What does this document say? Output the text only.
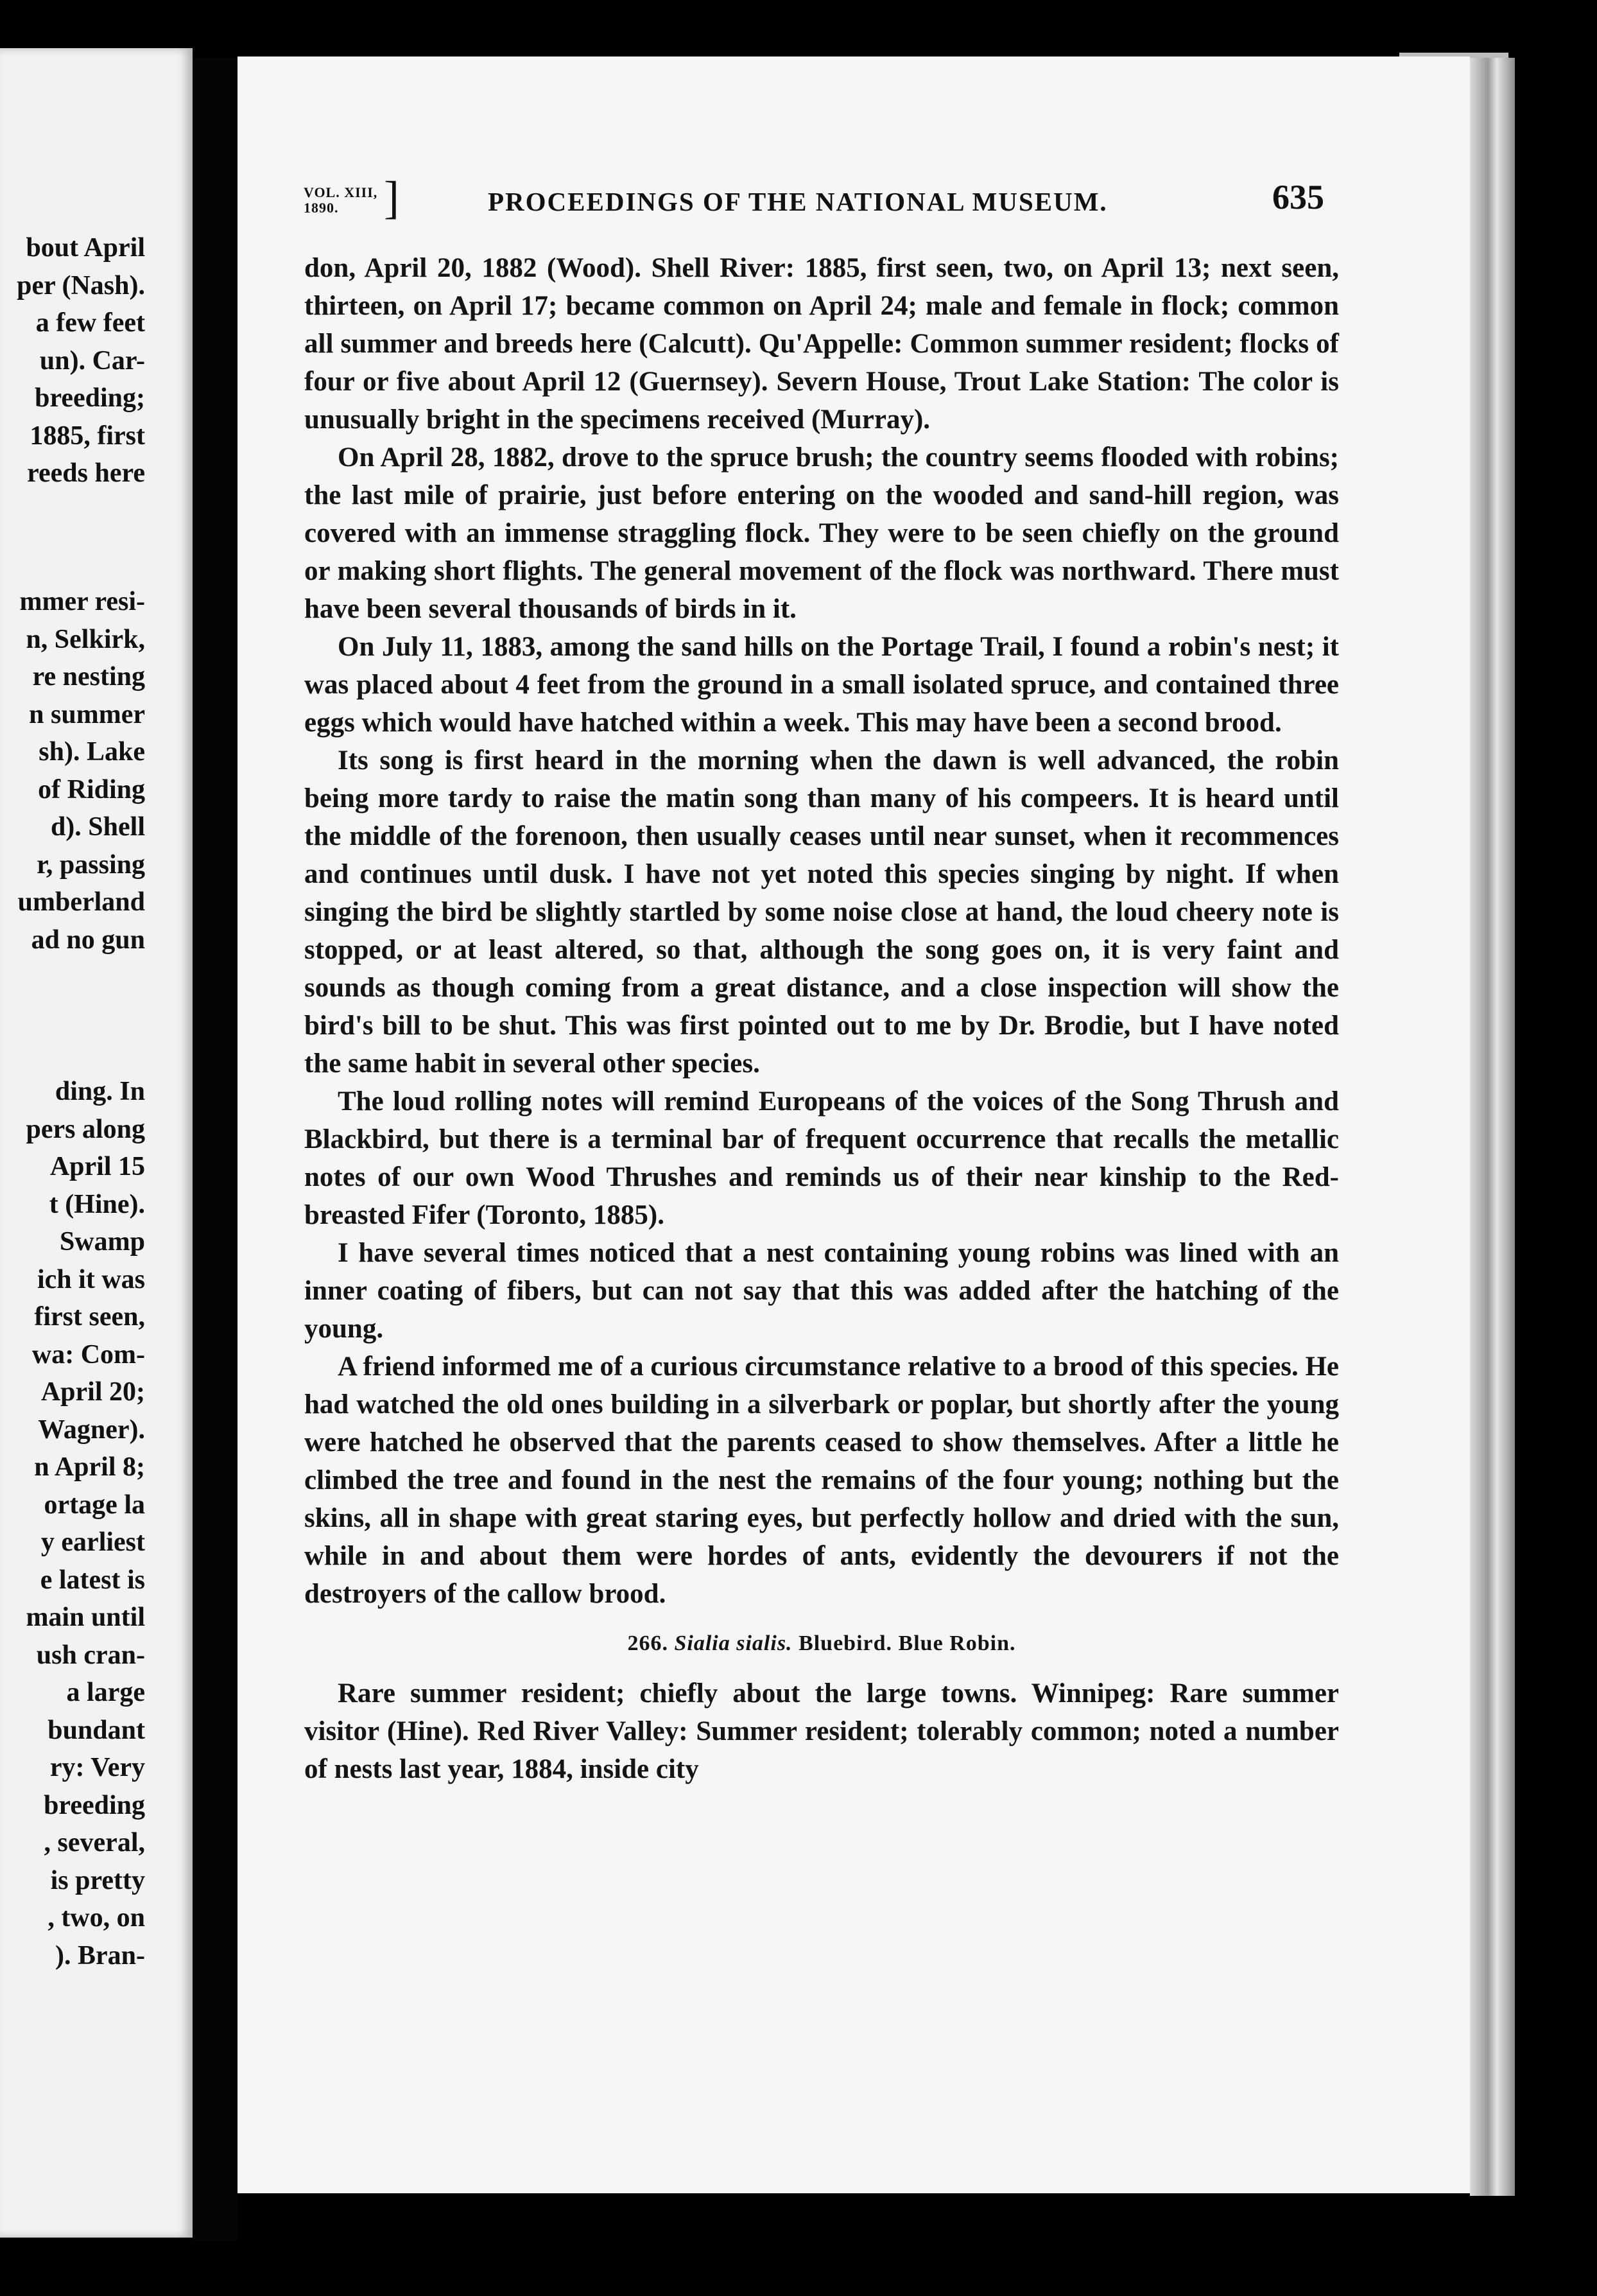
bout April

per (Nash).

a few feet

un). Car-

breeding;

1885, first

reeds here

mmer resi-

n, Selkirk,

re nesting

n summer

sh). Lake

of Riding

d). Shell

r, passing

umberland

ad no gun

ding. In

pers along

April 15

t (Hine).

Swamp

ich it was

first seen,

wa: Com-

April 20;

Wagner).

n April 8;

ortage la

y earliest

e latest is

main until

ush cran-

a large

bundant

ry: Very

breeding

, several,

is pretty

, two, on

). Bran-

VOL. XIII,
1890. ]	PROCEEDINGS OF THE NATIONAL MUSEUM.	635

don, April 20, 1882 (Wood). Shell River: 1885, first seen, two, on April 13; next seen, thirteen, on April 17; became common on April 24; male and female in flock; common all summer and breeds here (Calcutt). Qu'Appelle: Common summer resident; flocks of four or five about April 12 (Guernsey). Severn House, Trout Lake Station: The color is unusually bright in the specimens received (Murray).

On April 28, 1882, drove to the spruce brush; the country seems flooded with robins; the last mile of prairie, just before entering on the wooded and sand-hill region, was covered with an immense straggling flock. They were to be seen chiefly on the ground or making short flights. The general movement of the flock was northward. There must have been several thousands of birds in it.

On July 11, 1883, among the sand hills on the Portage Trail, I found a robin's nest; it was placed about 4 feet from the ground in a small isolated spruce, and contained three eggs which would have hatched within a week. This may have been a second brood.

Its song is first heard in the morning when the dawn is well advanced, the robin being more tardy to raise the matin song than many of his compeers. It is heard until the middle of the forenoon, then usually ceases until near sunset, when it recommences and continues until dusk. I have not yet noted this species singing by night. If when singing the bird be slightly startled by some noise close at hand, the loud cheery note is stopped, or at least altered, so that, although the song goes on, it is very faint and sounds as though coming from a great distance, and a close inspection will show the bird's bill to be shut. This was first pointed out to me by Dr. Brodie, but I have noted the same habit in several other species.

The loud rolling notes will remind Europeans of the voices of the Song Thrush and Blackbird, but there is a terminal bar of frequent occurrence that recalls the metallic notes of our own Wood Thrushes and reminds us of their near kinship to the Red-breasted Fifer (Toronto, 1885).

I have several times noticed that a nest containing young robins was lined with an inner coating of fibers, but can not say that this was added after the hatching of the young.

A friend informed me of a curious circumstance relative to a brood of this species. He had watched the old ones building in a silverbark or poplar, but shortly after the young were hatched he observed that the parents ceased to show themselves. After a little he climbed the tree and found in the nest the remains of the four young; nothing but the skins, all in shape with great staring eyes, but perfectly hollow and dried with the sun, while in and about them were hordes of ants, evidently the devourers if not the destroyers of the callow brood.

266. Sialia sialis. Bluebird. Blue Robin.

Rare summer resident; chiefly about the large towns. Winnipeg: Rare summer visitor (Hine). Red River Valley: Summer resident; tolerably common; noted a number of nests last year, 1884, inside city
